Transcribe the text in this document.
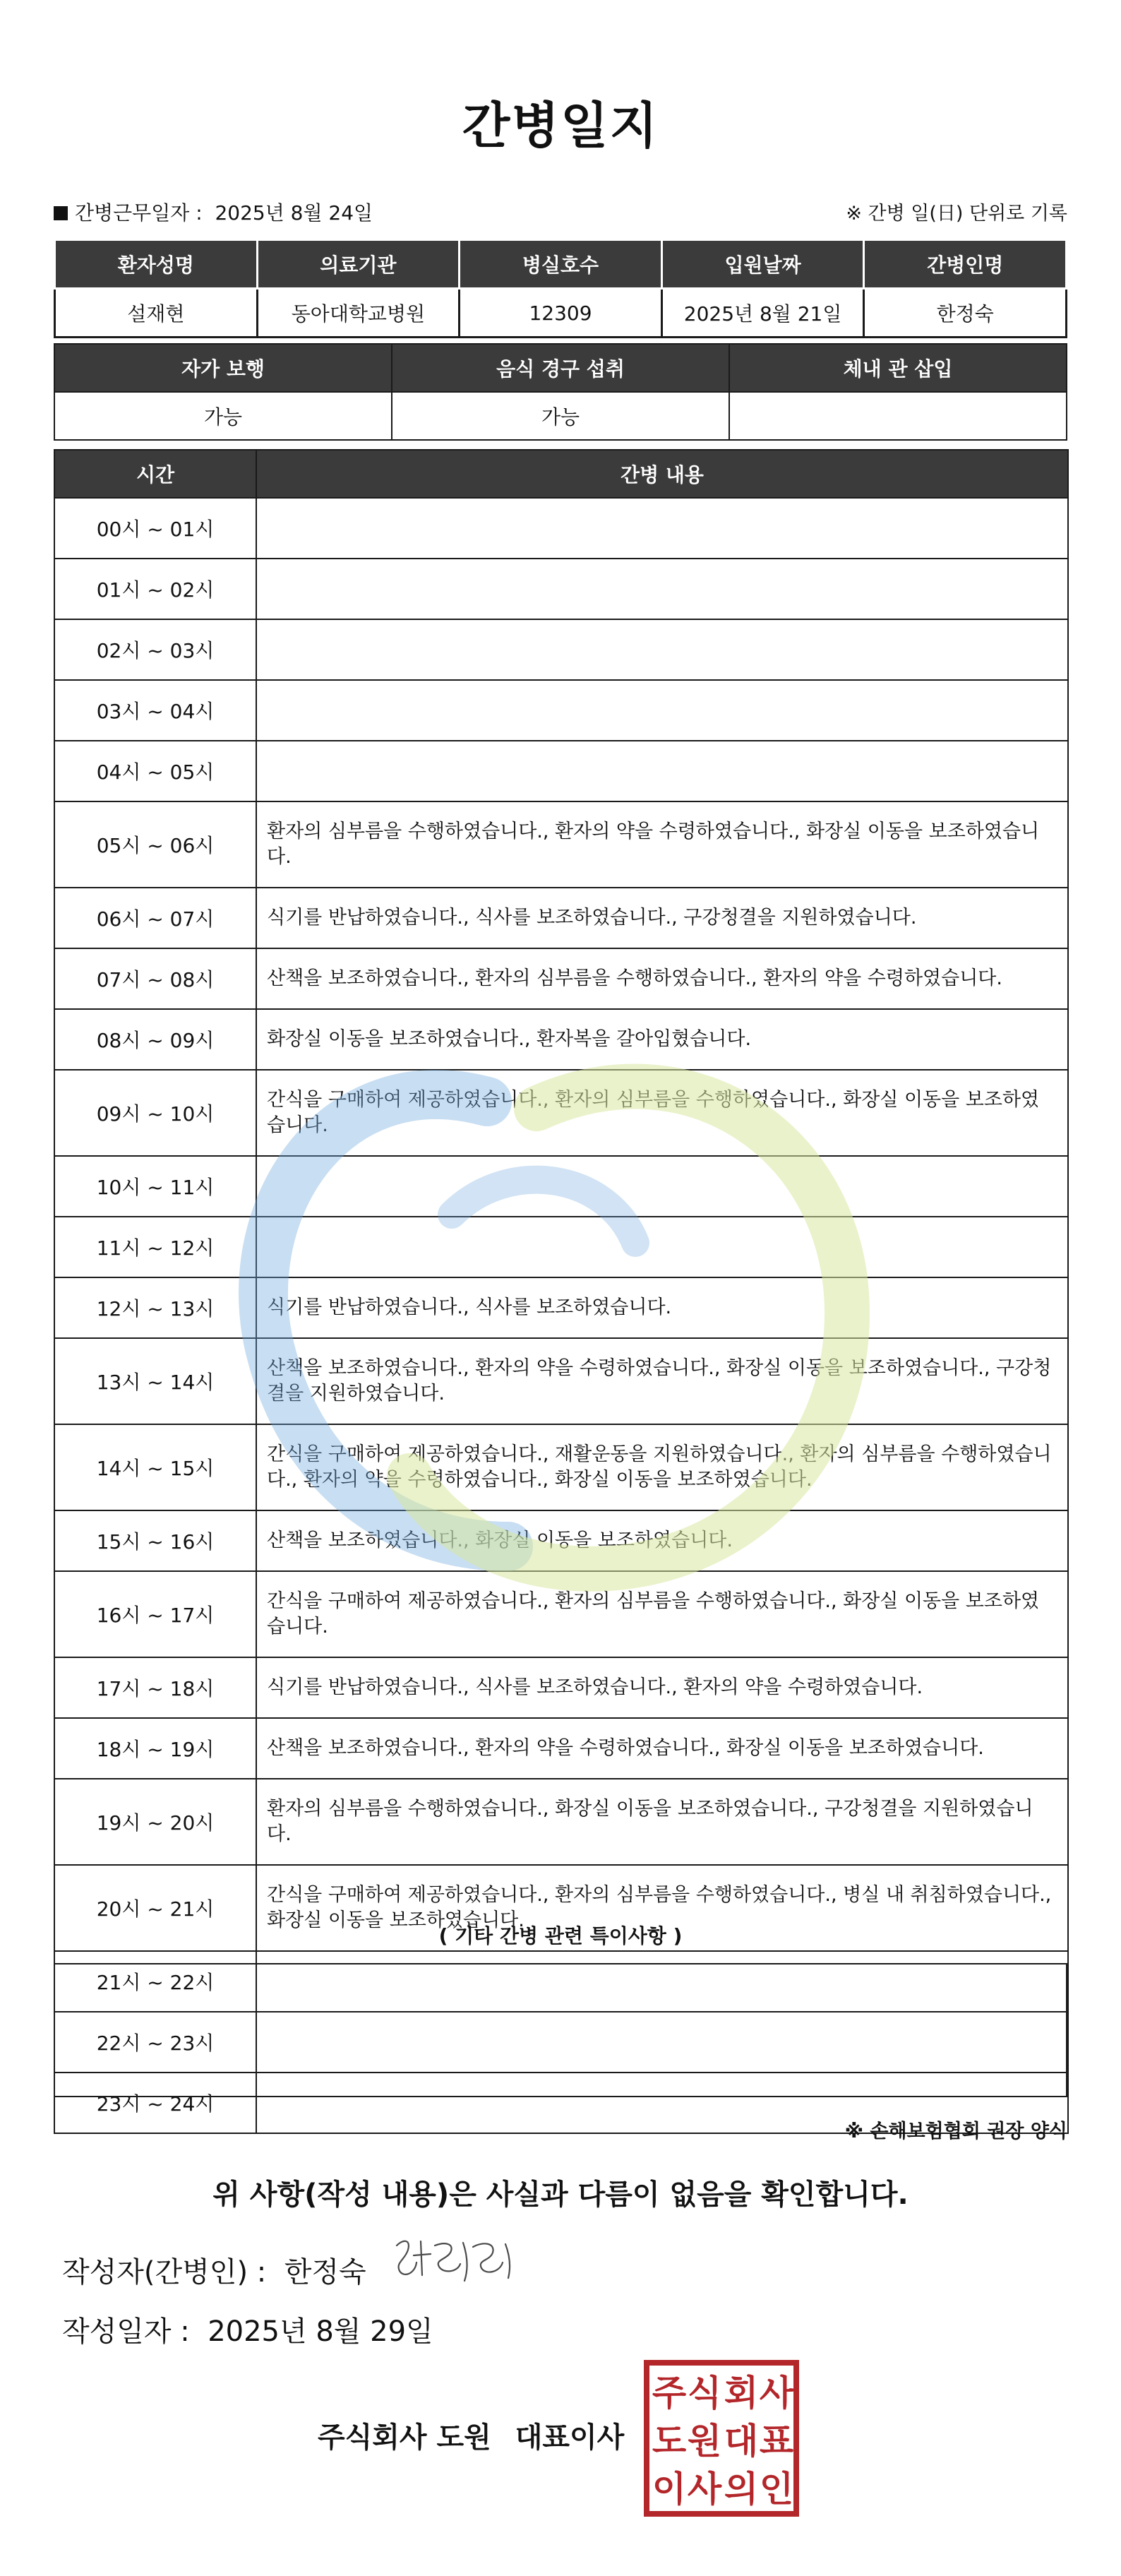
간병일지
간병근무일자 : 2025년 8월 24일	※ 간병 일(日) 단위로 기록
환자성명	의료기관	병실호수	입원날짜	간병인명
설재현	동아대학교병원	12309	2025년 8월 21일	한정숙
자가 보행	음식 경구 섭취	체내 관 삽입
가능	가능	
시간	간병 내용
00시 ~ 01시	
01시 ~ 02시	
02시 ~ 03시	
03시 ~ 04시	
04시 ~ 05시	
05시 ~ 06시	환자의 심부름을 수행하였습니다., 환자의 약을 수령하였습니다., 화장실 이동을 보조하였습니다.
06시 ~ 07시	식기를 반납하였습니다., 식사를 보조하였습니다., 구강청결을 지원하였습니다.
07시 ~ 08시	산책을 보조하였습니다., 환자의 심부름을 수행하였습니다., 환자의 약을 수령하였습니다.
08시 ~ 09시	화장실 이동을 보조하였습니다., 환자복을 갈아입혔습니다.
09시 ~ 10시	간식을 구매하여 제공하였습니다., 환자의 심부름을 수행하였습니다., 화장실 이동을 보조하였습니다.
10시 ~ 11시	
11시 ~ 12시	
12시 ~ 13시	식기를 반납하였습니다., 식사를 보조하였습니다.
13시 ~ 14시	산책을 보조하였습니다., 환자의 약을 수령하였습니다., 화장실 이동을 보조하였습니다., 구강청결을 지원하였습니다.
14시 ~ 15시	간식을 구매하여 제공하였습니다., 재활운동을 지원하였습니다., 환자의 심부름을 수행하였습니다., 환자의 약을 수령하였습니다., 화장실 이동을 보조하였습니다.
15시 ~ 16시	산책을 보조하였습니다., 화장실 이동을 보조하였습니다.
16시 ~ 17시	간식을 구매하여 제공하였습니다., 환자의 심부름을 수행하였습니다., 화장실 이동을 보조하였습니다.
17시 ~ 18시	식기를 반납하였습니다., 식사를 보조하였습니다., 환자의 약을 수령하였습니다.
18시 ~ 19시	산책을 보조하였습니다., 환자의 약을 수령하였습니다., 화장실 이동을 보조하였습니다.
19시 ~ 20시	환자의 심부름을 수행하였습니다., 화장실 이동을 보조하였습니다., 구강청결을 지원하였습니다.
20시 ~ 21시	간식을 구매하여 제공하였습니다., 환자의 심부름을 수행하였습니다., 병실 내 취침하였습니다., 화장실 이동을 보조하였습니다.
21시 ~ 22시	
22시 ~ 23시	
23시 ~ 24시	
( 기타 간병 관련 특이사항 )
※ 손해보험협회 권장 양식
위 사항(작성 내용)은 사실과 다름이 없음을 확인합니다.
작성자(간병인) : 한정숙
작성일자 : 2025년 8월 29일
주식회사 도원 대표이사
주 식 회 사
도 원 대 표
이 사 의 인
